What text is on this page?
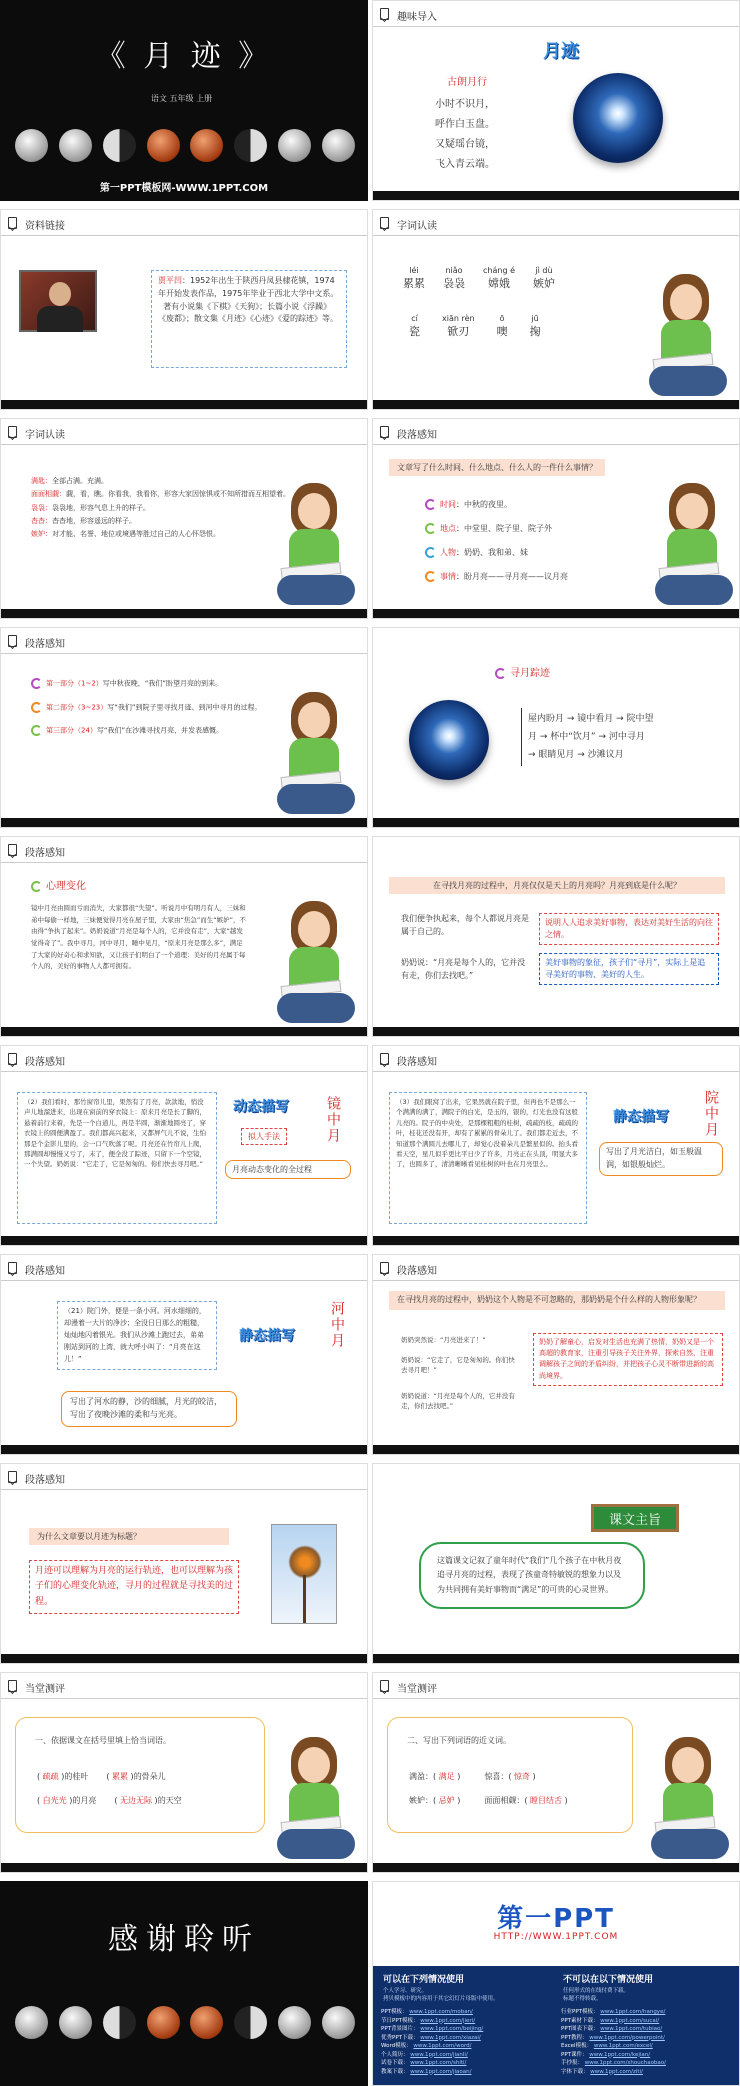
《 月 迹 》
语文 五年级 上册
第一PPT模板网-WWW.1PPT.COM
趣味导入
月迹
古朗月行
小时不识月，
呼作白玉盘。
又疑瑶台镜，
飞入青云端。
资料链接
贾平凹：1952年出生于陕西丹凤县棣花镇，1974年开始发表作品，1975年毕业于西北大学中文系。
著有小说集《下棋》《天狗》；长篇小说《浮躁》《废都》；散文集《月迹》《心迹》《爱的踪迹》等。
字词认读
léi
累累
niǎo
袅袅
cháng é
嫦娥
jì dù
嫉妒
cí
瓷
xiān rèn
锨刃
ō
噢
jū
掬
字词认读
满匙：全部占满。充满。
面面相觑：觑，看，瞧。你看我，我看你，形容大家因惊惧或不知所措而互相望着。
袅袅：袅袅地，形容气息上升的样子。
杳杳：杳杳地，形容遥远的样子。
嫉妒：对才能、名誉、地位或境遇等胜过自己的人心怀怨恨。
段落感知
文章写了什么时间、什么地点、什么人的一件什么事情？
时间：中秋的夜里。
地点：中堂里、院子里、院子外
人物：奶奶、我和弟、妹
事情：盼月亮——寻月亮——议月亮
段落感知
第一部分（1~2）写中秋夜晚，“我们”盼望月亮的到来。
第二部分（3~23）写“我们”到院子里寻找月迹、到河中寻月的过程。
第三部分（24）写“我们”在沙滩寻找月亮，并发表感慨。
寻月踪迹
屋内盼月 → 镜中看月 → 院中望
月 → 杯中“饮月” → 河中寻月
→ 眼睛见月 → 沙滩议月
段落感知
心理变化
镜中月亮由圆而亏而消失，大家都很“失望”。听说月中有明月有人，三妹和弟中每偷一样地，三妹便觉得月亮在屋子里，大家由“焦急”而生“嫉妒”，不由得“争执了起来”。奶奶说道“月亮是每个人的，它并没有走”，大家“越发觉得奇了”。我中寻月，河中寻月，睡中见月，“原来月亮是那么多”，满足了大家的好奇心和求知欲，又让孩子们明白了一个道理：美好的月亮属于每个人的，美好的事物人人都可拥有。
在寻找月亮的过程中，月亮仅仅是天上的月亮吗？月亮到底是什么呢？
我们便争执起来，每个人都说月亮是属于自己的。
奶奶说：“月亮是每个人的，它并没有走，你们去找吧。”
说明人人追求美好事物，表达对美好生活的向往之情。
美好事物的象征，孩子们“寻月”，实际上是追寻美好的事物、美好的人生。
段落感知
（2）我们看时，那竹窗帘儿里，果然有了月亮，款款地，悄没声儿地溜进来，出现在窗前的穿衣镜上：原来月亮是长了脚的，悬着前行来着，先是一个白道儿，再是半圆，渐渐地圆亮了，穿衣镜上的圆便满盈了。我们都高兴起来，又都屏气儿不说，生怕那是个金影儿里的，会一口气吹落了呢。月亮还在竹帘儿上爬，那满圆却慢慢又亏了，末了，便全没了踪迹，只留下一个空镜，一个失望。奶奶说：“它走了，它是匆匆的。你们快去寻月吧。”
动态描写	镜中月
拟人手法
月亮动态变化的全过程
段落感知
（3）我们眼窝了出来，它果然就在院子里，但再也不是那么一个满满的满了，满院子的白光，是玉的，银的，灯光也没有这般儿亮的。院子的中央处，是那棵粗粗的桂树，疏疏的枝，疏疏的叶，桂花还没有开，却有了累累的骨朵儿了。我们都走近去，不知道那个满圆儿去哪儿了，却觉心没着朵儿是繁星似的。抬头看看天空，星几似乎更比平日少了许多，月亮正在头顶，明显大多了，也圆多了，清清晰晰看见桂树的叶也在月亮里么。
静态描写 院中月
写出了月光洁白，如玉般温润，如银般灿烂。
段落感知
（21）院门外，便是一条小河。河水细细的，却漫着一大片的净沙；全没日日那么的粗糙，灿灿地闪着银光。我们从沙滩上跑过去，弟弟刚站到河的上湾，就大呼小叫了：“月亮在这儿！”
静态描写 河中月
写出了河水的静，沙的细腻，月光的皎洁，写出了夜晚沙滩的柔和与光亮。
段落感知
在寻找月亮的过程中，奶奶这个人物是不可忽略的，那奶奶是个什么样的人物形象呢？
奶奶突然说：“月亮进来了！”
奶奶说：“它走了，它是匆匆的。你们快去寻月吧！”
奶奶说道：“月亮是每个人的，它并没有走，你们去找吧。”
奶奶了解童心，启发对生活也充满了热情，奶奶又是一个高超的教育家，注重引导孩子关注外界，探索自然，注重调解孩子之间的矛盾纠纷，并把孩子心灵不断带进新的高尚境界。
段落感知
为什么文章要以月迹为标题？
月迹可以理解为月亮的运行轨迹，也可以理解为孩子们的心理变化轨迹，寻月的过程就是寻找美的过程。
课文主旨
这篇课文记叙了童年时代“我们”几个孩子在中秋月夜追寻月亮的过程，表现了孩童奇特敏锐的想象力以及为共同拥有美好事物而“满足”的可贵的心灵世界。
当堂测评
一、依据课文在括号里填上恰当词语。
( 疏疏 )的桂叶 ( 累累 )的骨朵儿
( 白光光 )的月亮 ( 无边无际 )的天空
当堂测评
二、写出下列词语的近义词。
满盈：( 满足 )	惊喜：( 惊奇 )
嫉妒：( 忌妒 )	面面相觑：( 瞠目结舌 )
感谢聆听
第一PPT
HTTP://WWW.1PPT.COM
可以在下列情况使用
个人学习、研究。
拷贝模板中的内容用于其它幻灯片母版中使用。
不可以在以下情况使用
任何形式的在线付费下载。
标题不得转载。
PPT模板： www.1ppt.com/moban/
节日PPT模板： www.1ppt.com/jieri/
PPT背景图片： www.1ppt.com/beijing/
优秀PPT下载： www.1ppt.com/xiazai/
Word模板： www.1ppt.com/word/
个人简历： www.1ppt.com/jianli/
试卷下载： www.1ppt.com/shiti/
教案下载： www.1ppt.com/jiaoan/
行业PPT模板： www.1ppt.com/hangye/
PPT素材下载： www.1ppt.com/sucai/
PPT图表下载： www.1ppt.com/tubiao/
PPT教程： www.1ppt.com/powerpoint/
Excel模板： www.1ppt.com/excel/
PPT课件： www.1ppt.com/kejian/
手抄报： www.1ppt.com/shouchaobao/
字体下载： www.1ppt.com/ziti/
